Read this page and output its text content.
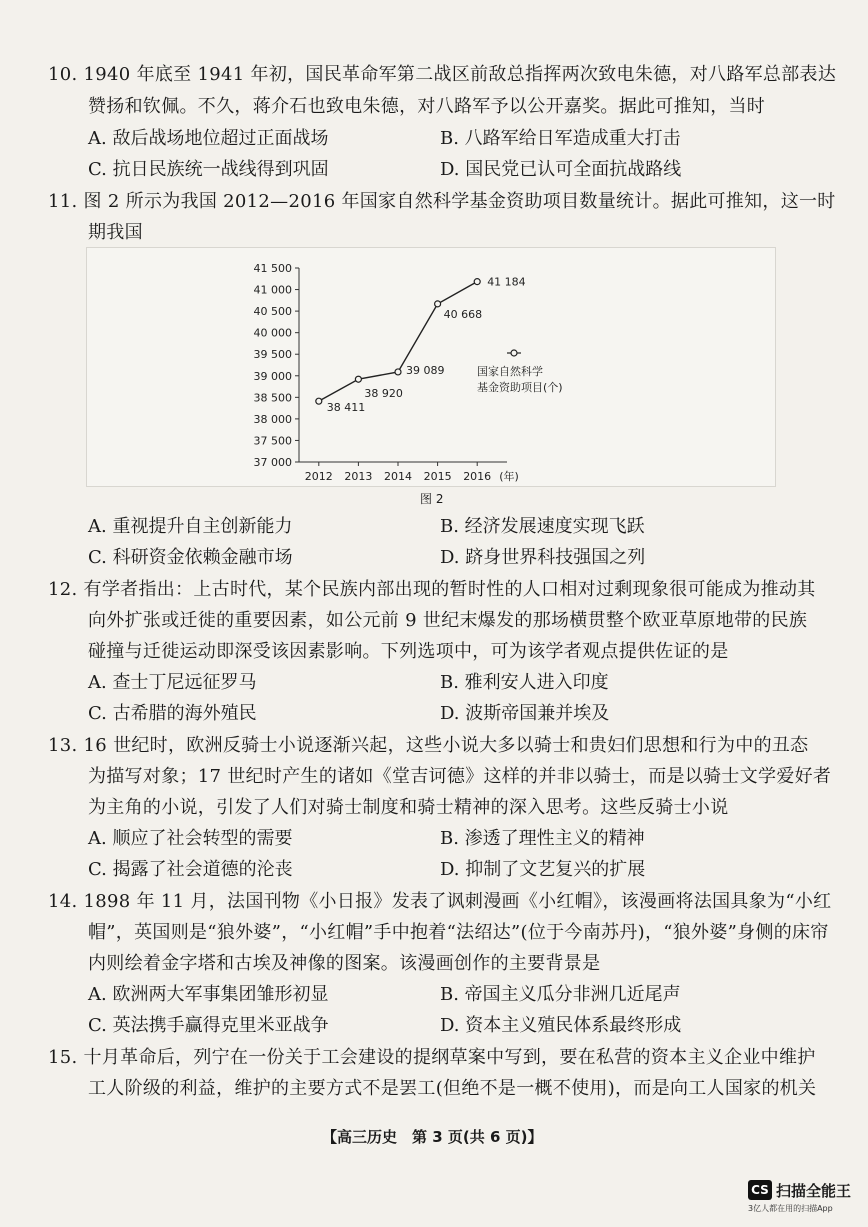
10. 1940 年底至 1941 年初，国民革命军第二战区前敌总指挥两次致电朱德，对八路军总部表达
赞扬和钦佩。不久，蒋介石也致电朱德，对八路军予以公开嘉奖。据此可推知，当时
A. 敌后战场地位超过正面战场	B. 八路军给日军造成重大打击
C. 抗日民族统一战线得到巩固	D. 国民党已认可全面抗战路线
11. 图 2 所示为我国 2012—2016 年国家自然科学基金资助项目数量统计。据此可推知，这一时
期我国
37 000
37 500
38 000
38 500
39 000
39 500
40 000
40 500
41 000
41 500
2012 2013 2014 2015 2016 (年)
38 411
38 920
39 089
40 668
41 184
国家自然科学
基金资助项目(个)
图 2
A. 重视提升自主创新能力	B. 经济发展速度实现飞跃
C. 科研资金依赖金融市场	D. 跻身世界科技强国之列
12. 有学者指出：上古时代，某个民族内部出现的暂时性的人口相对过剩现象很可能成为推动其
向外扩张或迁徙的重要因素，如公元前 9 世纪末爆发的那场横贯整个欧亚草原地带的民族
碰撞与迁徙运动即深受该因素影响。下列选项中，可为该学者观点提供佐证的是
A. 查士丁尼远征罗马	B. 雅利安人进入印度
C. 古希腊的海外殖民	D. 波斯帝国兼并埃及
13. 16 世纪时，欧洲反骑士小说逐渐兴起，这些小说大多以骑士和贵妇们思想和行为中的丑态
为描写对象；17 世纪时产生的诸如《堂吉诃德》这样的并非以骑士，而是以骑士文学爱好者
为主角的小说，引发了人们对骑士制度和骑士精神的深入思考。这些反骑士小说
A. 顺应了社会转型的需要	B. 渗透了理性主义的精神
C. 揭露了社会道德的沦丧	D. 抑制了文艺复兴的扩展
14. 1898 年 11 月，法国刊物《小日报》发表了讽刺漫画《小红帽》，该漫画将法国具象为“小红
帽”，英国则是“狼外婆”，“小红帽”手中抱着“法绍达”(位于今南苏丹)，“狼外婆”身侧的床帘
内则绘着金字塔和古埃及神像的图案。该漫画创作的主要背景是
A. 欧洲两大军事集团雏形初显	B. 帝国主义瓜分非洲几近尾声
C. 英法携手赢得克里米亚战争	D. 资本主义殖民体系最终形成
15. 十月革命后，列宁在一份关于工会建设的提纲草案中写到，要在私营的资本主义企业中维护
工人阶级的利益，维护的主要方式不是罢工(但绝不是一概不使用)，而是向工人国家的机关
【高三历史　第 3 页(共 6 页)】
CS 扫描全能王
3亿人都在用的扫描App
